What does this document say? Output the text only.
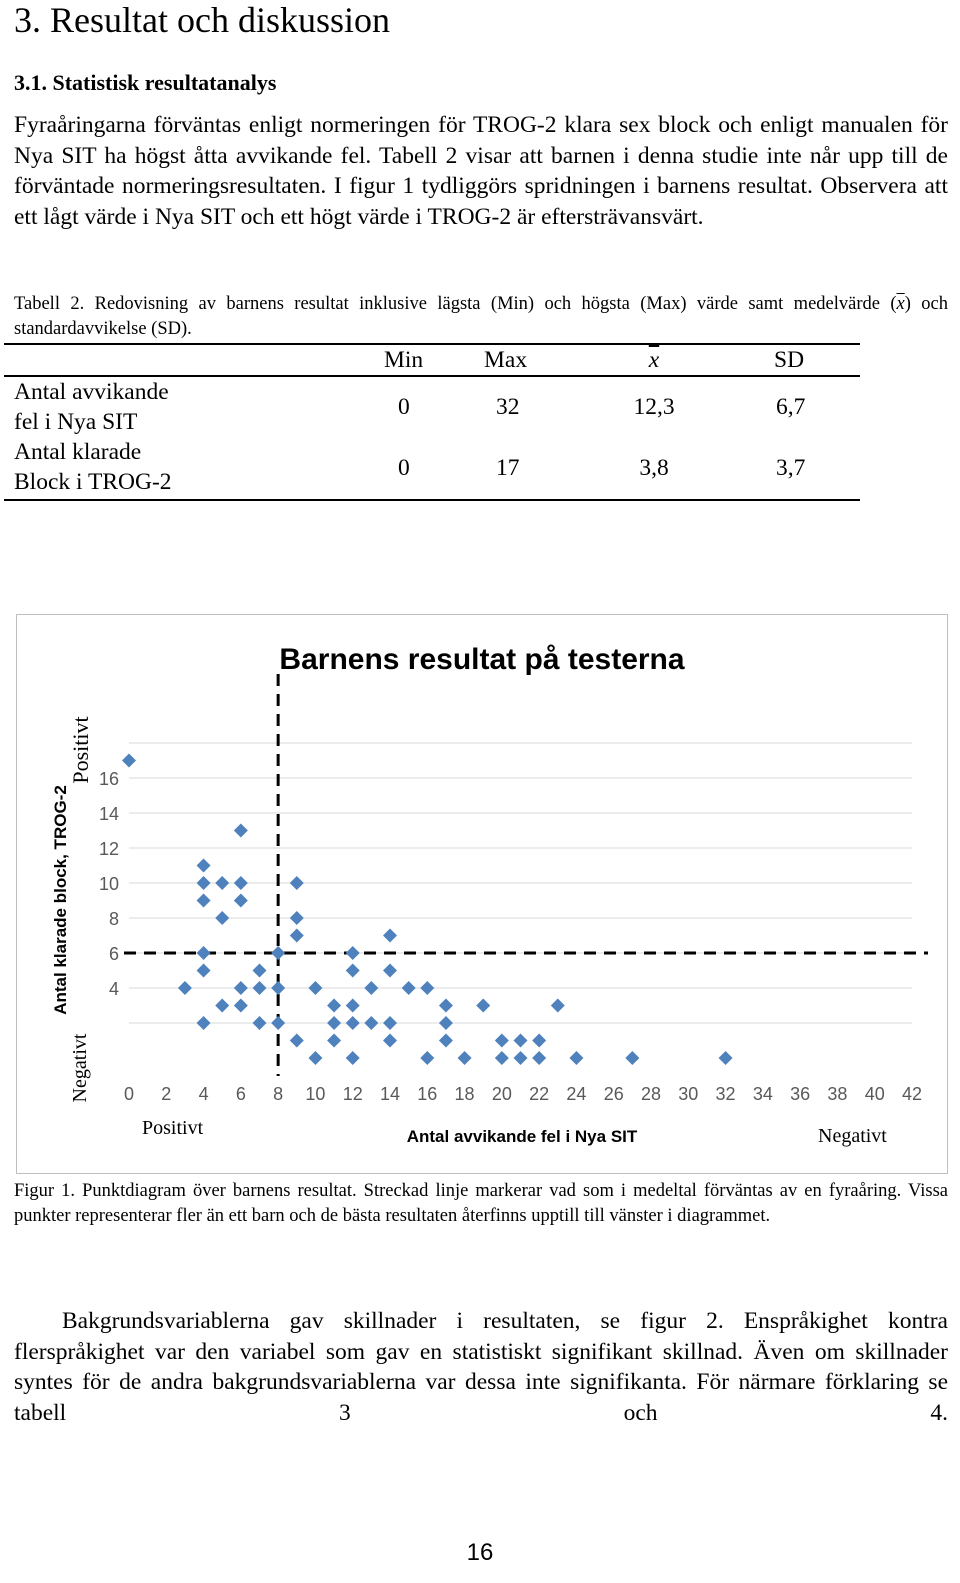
3. Resultat och diskussion
3.1. Statistisk resultatanalys

Fyraåringarna förväntas enligt normeringen för TROG-2 klara sex block och enligt manualen för Nya SIT ha högst åtta avvikande fel. Tabell 2 visar att barnen i denna studie inte når upp till de förväntade normeringsresultaten. I figur 1 tydliggörs spridningen i barnens resultat. Observera att ett lågt värde i Nya SIT och ett högt värde i TROG-2 är eftersträvansvärt.

Tabell 2. Redovisning av barnens resultat inklusive lägsta (Min) och högsta (Max) värde samt medelvärde $(\overline{x})$ och standardavvikelse (SD).

Min	Max	$\overline{x}$	SD
Antal avvikande
fel i Nya SIT
0	32	12,3	6,7
Antal klarade
Block i TROG-2
0	17	3,8	3,7
4
6
8
10
12
14
16
0 2 4 6 8 10 12 14 16 18 20 22 24 26 28 30 32 34 36 38 40 42
Barnens resultat på testerna
Antal avvikande fel i Nya SIT
Antal klarade block, TROG-2
Positivt	Negativt
Positivt
Negativt

Figur 1. Punktdiagram över barnens resultat. Streckad linje markerar vad som i medeltal förväntas av en fyraåring. Vissa punkter representerar fler än ett barn och de bästa resultaten återfinns upptill till vänster i diagrammet.

Bakgrundsvariablerna gav skillnader i resultaten, se figur 2. Enspråkighet kontra flerspråkighet var den variabel som gav en statistiskt signifikant skillnad. Även om skillnader syntes för de andra bakgrundsvariablerna var dessa inte signifikanta. För närmare förklaring se tabell 3 och 4.

16
